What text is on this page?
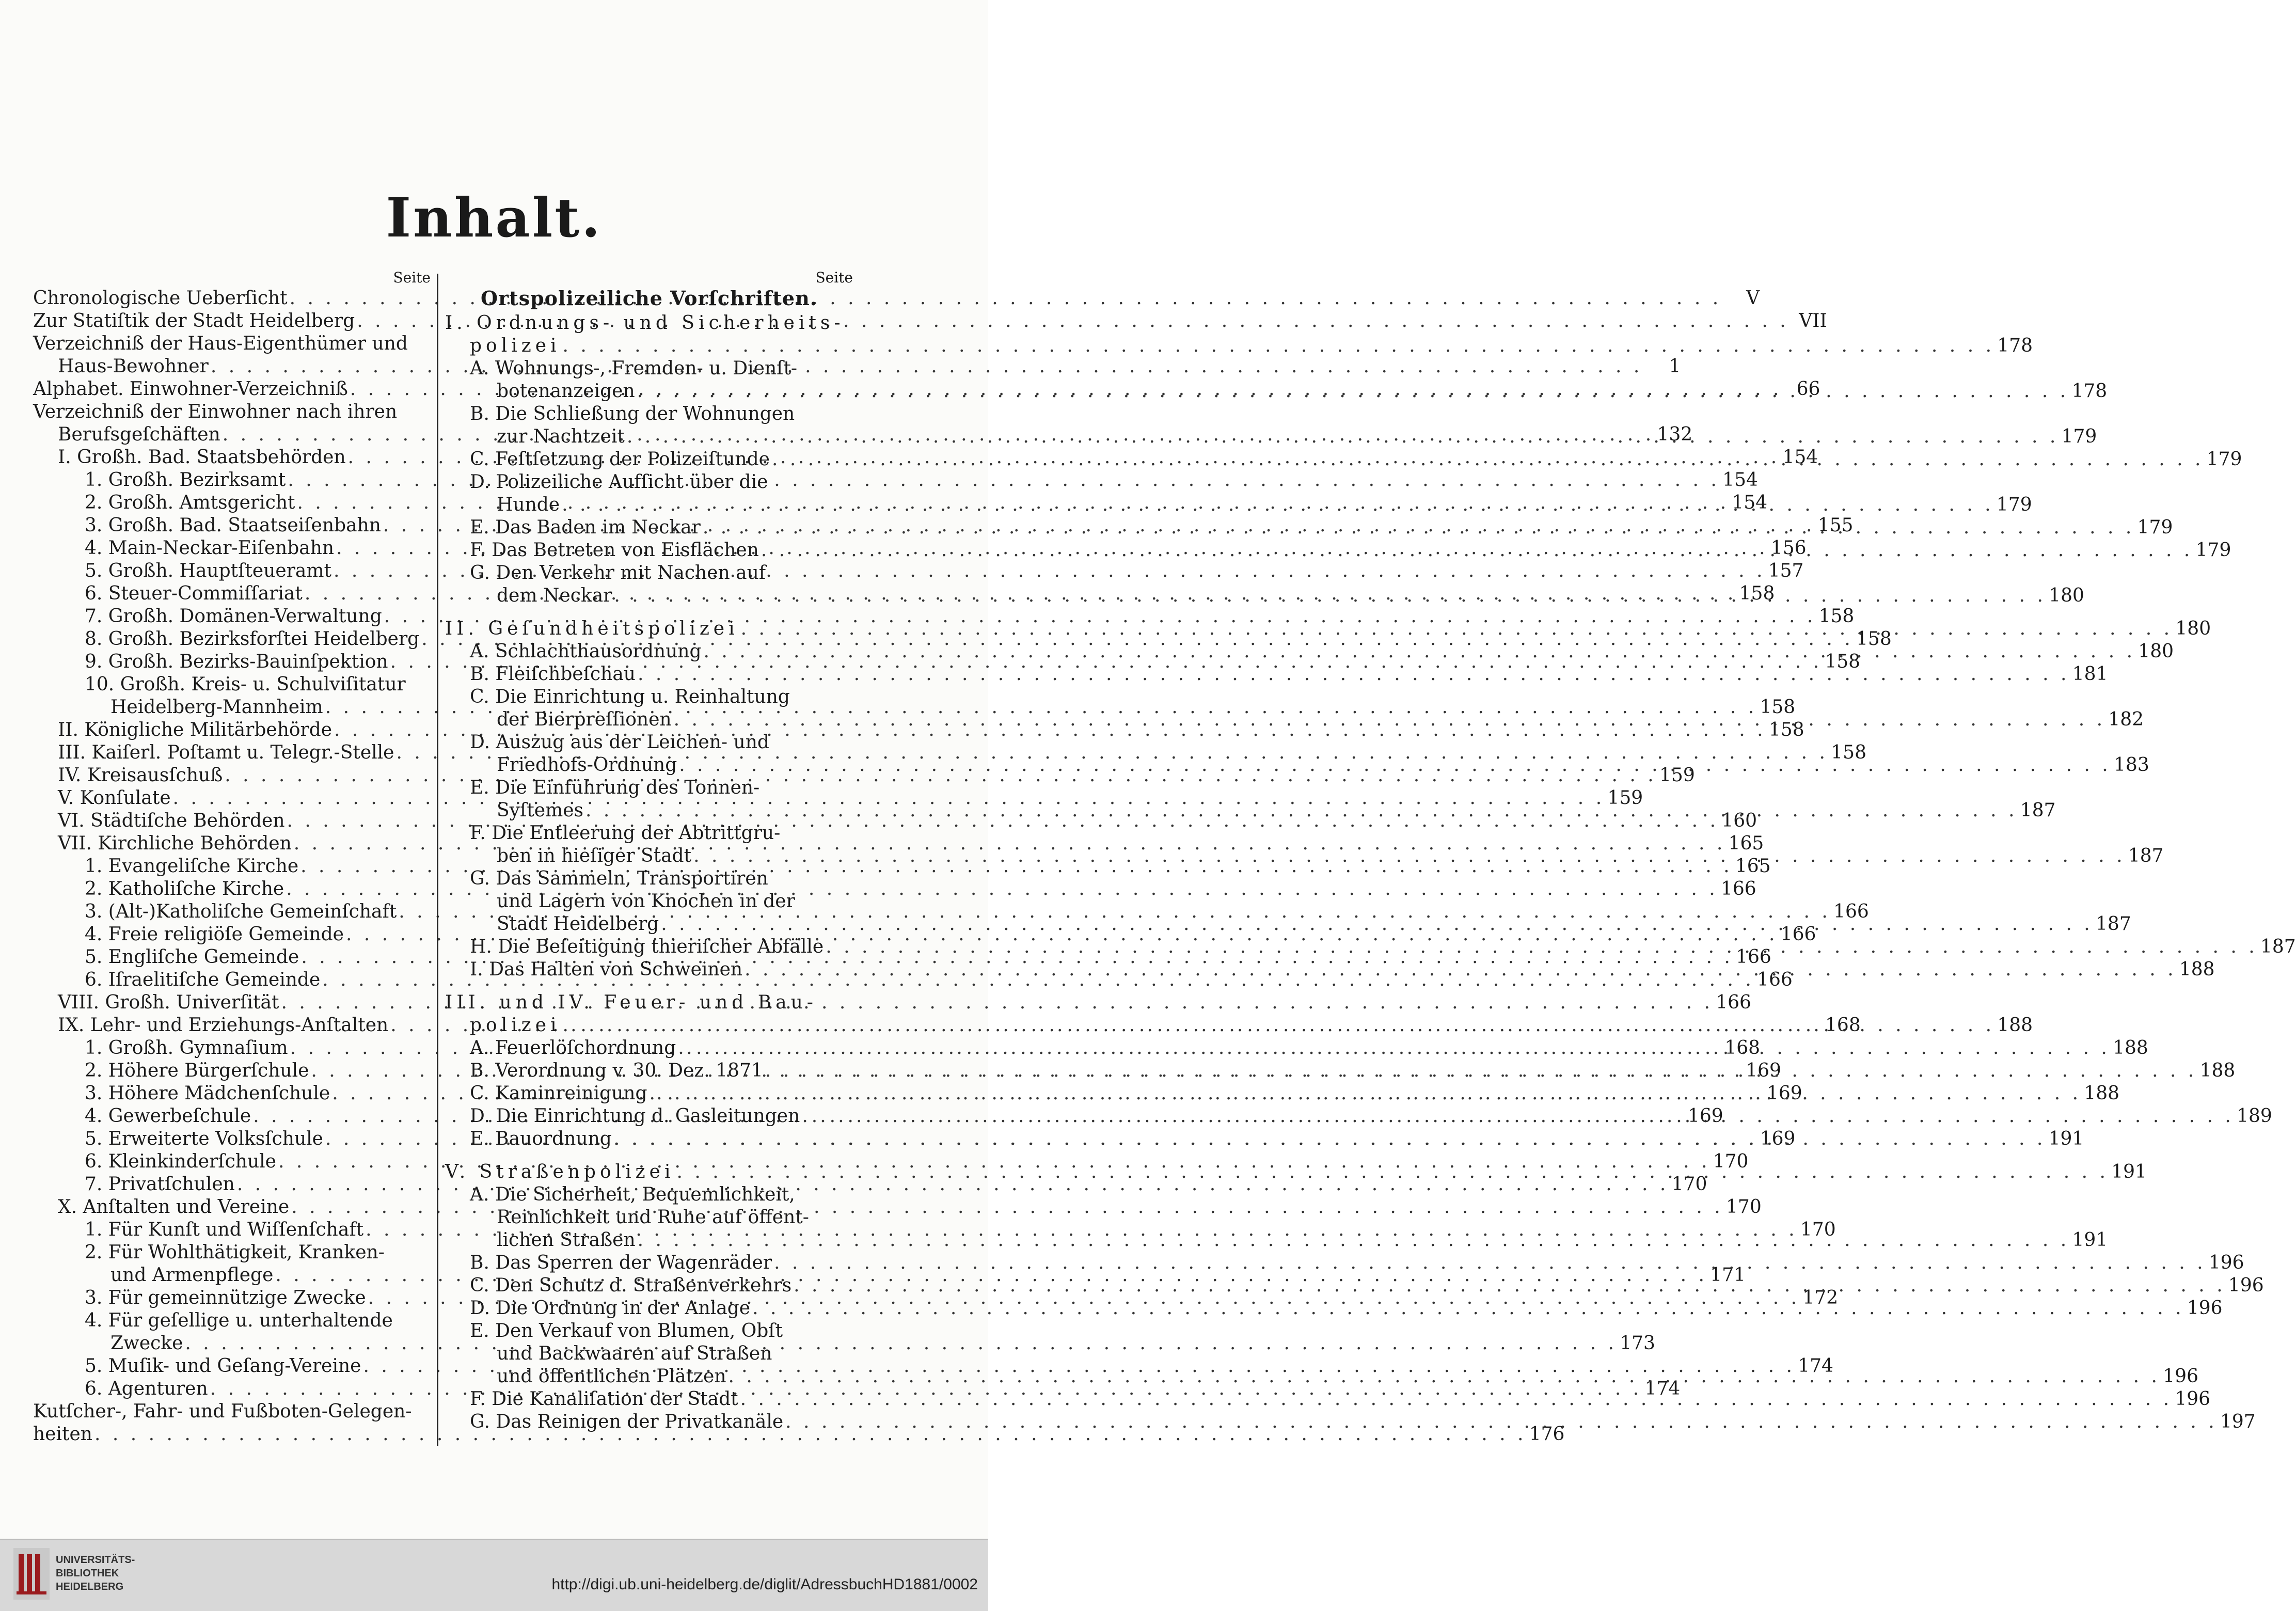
Inhalt.
Seite
Chronologische Ueberſicht . . .	V
Zur Statiſtik der Stadt Heidelberg . . .	VII
Verzeichniß der Haus-Eigenthümer und
Haus-Bewohner . . .	1
Alphabet. Einwohner-Verzeichniß . . .	66
Verzeichniß der Einwohner nach ihren
Berufsgeſchäften . . .	132
I. Großh. Bad. Staatsbehörden . . .	154
1. Großh. Bezirksamt . . .	154
2. Großh. Amtsgericht . . .	154
3. Großh. Bad. Staatseiſenbahn . . .	155
4. Main-Neckar-Eiſenbahn . . .	156
5. Großh. Hauptſteueramt . . .	157
6. Steuer-Commiſſariat . . .	158
7. Großh. Domänen-Verwaltung . . .	158
8. Großh. Bezirksforſtei Heidelberg . . .	158
9. Großh. Bezirks-Bauinſpektion . . .	158
10. Großh. Kreis- u. Schulviſitatur
Heidelberg-Mannheim . . .	158
II. Königliche Militärbehörde . . .	158
III. Kaiſerl. Poſtamt u. Telegr.-Stelle . . .	158
IV. Kreisausſchuß . . .	159
V. Konſulate . . .	159
VI. Städtiſche Behörden . . .	160
VII. Kirchliche Behörden . . .	165
1. Evangeliſche Kirche . . .	165
2. Katholiſche Kirche . . .	166
3. (Alt-)Katholiſche Gemeinſchaft . . .	166
4. Freie religiöſe Gemeinde . . .	166
5. Engliſche Gemeinde . . .	166
6. Iſraelitiſche Gemeinde . . .	166
VIII. Großh. Univerſität . . .	166
IX. Lehr- und Erziehungs-Anſtalten . . .	168
1. Großh. Gymnaſium . . .	168
2. Höhere Bürgerſchule . . .	169
3. Höhere Mädchenſchule . . .	169
4. Gewerbeſchule . . .	169
5. Erweiterte Volksſchule . . .	169
6. Kleinkinderſchule . . .	170
7. Privatſchulen . . .	170
X. Anſtalten und Vereine . . .	170
1. Für Kunſt und Wiſſenſchaft . . .	170
2. Für Wohlthätigkeit, Kranken-
und Armenpflege . . .	171
3. Für gemeinnützige Zwecke . . .	172
4. Für geſellige u. unterhaltende
Zwecke . . .	173
5. Muſik- und Geſang-Vereine . . .	174
6. Agenturen . . .	174
Kutſcher-, Fahr- und Fußboten-Gelegen-
heiten . . .	176
Seite
Ortspolizeiliche Vorſchriften.
I. Ordnungs- und Sicherheits-
polizei . . .	178
A. Wohnungs-, Fremden- u. Dienſt-
botenanzeigen . . .	178
B. Die Schließung der Wohnungen
zur Nachtzeit . . .	179
C. Feſtſetzung der Polizeiſtunde . . .	179
D. Polizeiliche Aufſicht über die
Hunde . . .	179
E. Das Baden im Neckar . . .	179
F. Das Betreten von Eisflächen . . .	179
G. Den Verkehr mit Nachen auf
dem Neckar . . .	180
II. Geſundheitspolizei . . .	180
A. Schlachthausordnung . . .	180
B. Fleiſchbeſchau . . .	181
C. Die Einrichtung u. Reinhaltung
der Bierpreſſionen . . .	182
D. Auszug aus der Leichen- und
Friedhofs-Ordnung . . .	183
E. Die Einführung des Tonnen-
Syſtemes . . .	187
F. Die Entleerung der Abtrittgru-
ben in hieſiger Stadt . . .	187
G. Das Sammeln, Transportiren
und Lagern von Knochen in der
Stadt Heidelberg . . .	187
H. Die Beſeitigung thieriſcher Abfälle . . .	187
I. Das Halten von Schweinen . . .	188
III. und IV. Feuer- und Bau-
polizei . . .	188
A. Feuerlöſchordnung . . .	188
B. Verordnung v. 30. Dez. 1871 . . .	188
C. Kaminreinigung . . .	188
D. Die Einrichtung d. Gasleitungen . . .	189
E. Bauordnung . . .	191
V. Straßenpolizei . . .	191
A. Die Sicherheit, Bequemlichkeit,
Reinlichkeit und Ruhe auf öffent-
lichen Straßen . . .	191
B. Das Sperren der Wagenräder . . .	196
C. Den Schutz d. Straßenverkehrs . . .	196
D. Die Ordnung in der Anlage . . .	196
E. Den Verkauf von Blumen, Obſt
und Backwaaren auf Straßen
und öffentlichen Plätzen . . .	196
F. Die Kanaliſation der Stadt . . .	196
G. Das Reinigen der Privatkanäle . . .	197
UNIVERSITÄTS-
BIBLIOTHEK
HEIDELBERG	http://digi.ub.uni-heidelberg.de/diglit/AdressbuchHD1881/0002
